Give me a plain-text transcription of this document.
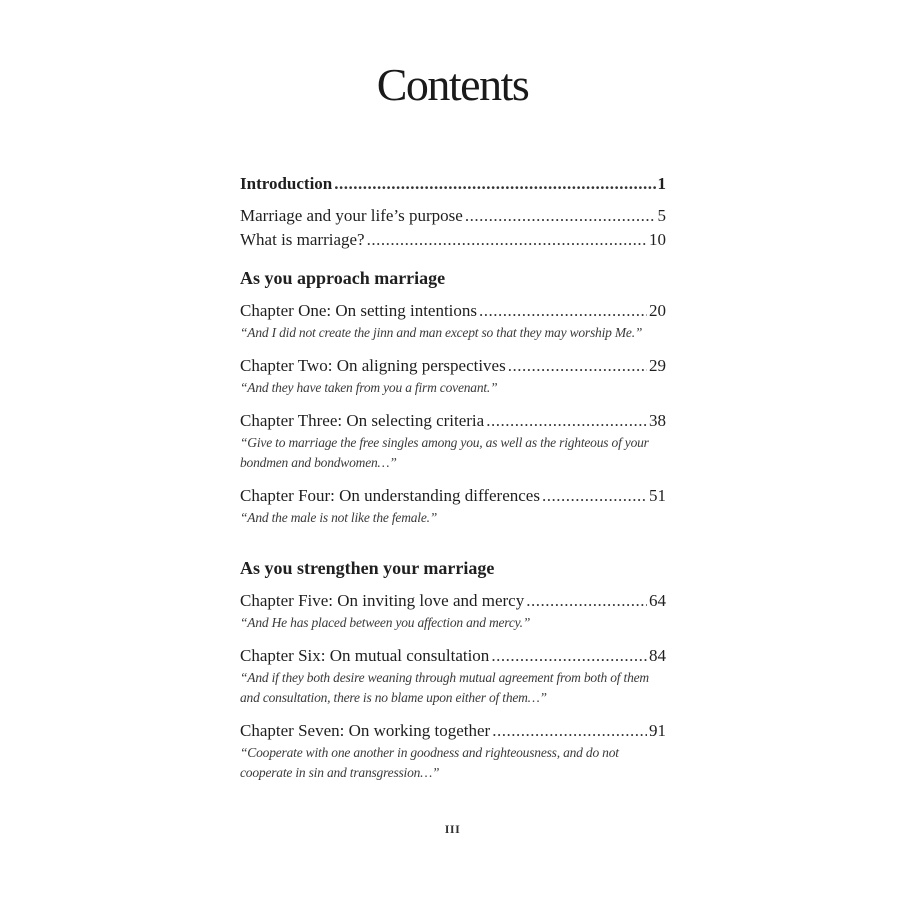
Contents
Introduction .....	1
Marriage and your life’s purpose .....	5
What is marriage? .....	10
As you approach marriage
Chapter One: On setting intentions .....	20
“And I did not create the jinn and man except so that they may worship Me.”
Chapter Two: On aligning perspectives .....	29
“And they have taken from you a firm covenant.”
Chapter Three: On selecting criteria .....	38
“Give to marriage the free singles among you, as well as the righteous of your bondmen and bondwomen…”
Chapter Four: On understanding differences .....	51
“And the male is not like the female.”
As you strengthen your marriage
Chapter Five: On inviting love and mercy .....	64
“And He has placed between you affection and mercy.”
Chapter Six: On mutual consultation .....	84
“And if they both desire weaning through mutual agreement from both of them and consultation, there is no blame upon either of them…”
Chapter Seven: On working together .....	91
“Cooperate with one another in goodness and righteousness, and do not cooperate in sin and transgression…”
III
